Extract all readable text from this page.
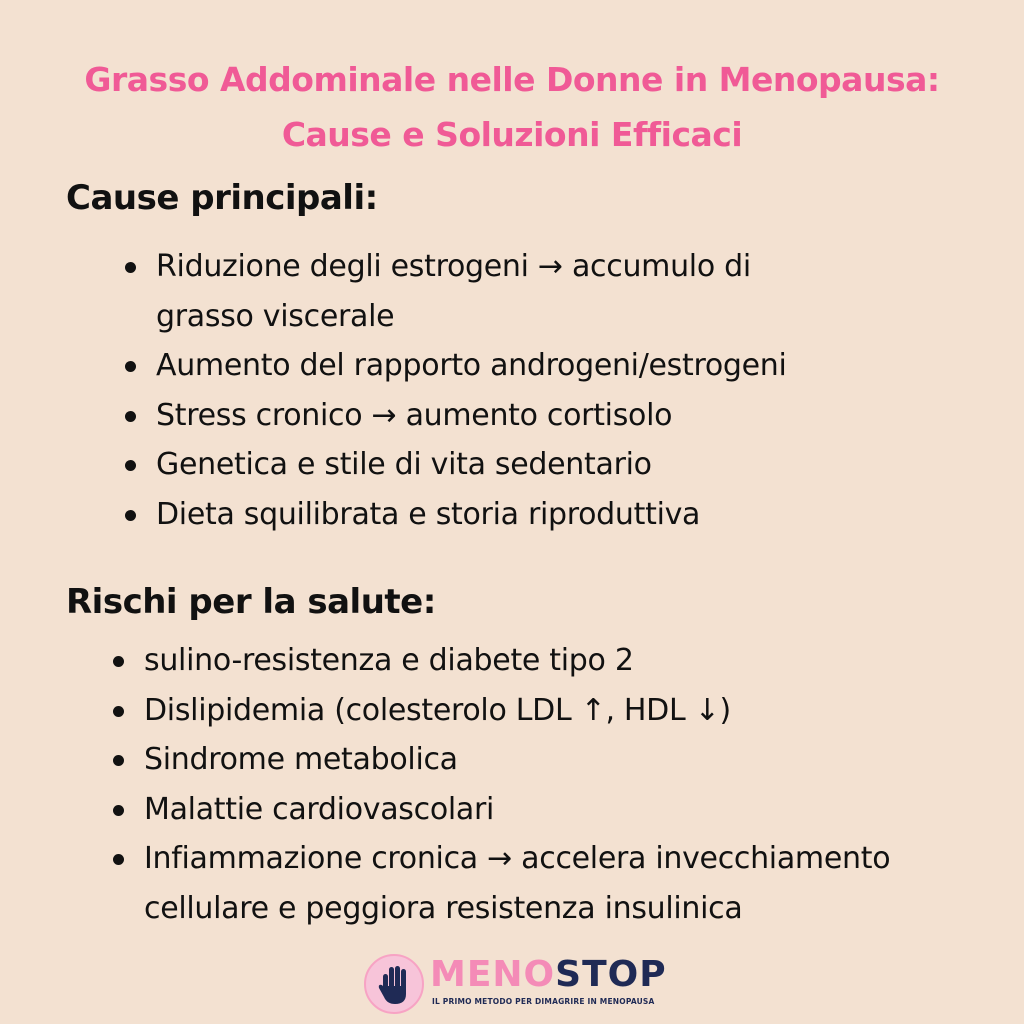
Grasso Addominale nelle Donne in Menopausa:
Cause e Soluzioni Efficaci
Cause principali:
Riduzione degli estrogeni → accumulo di
grasso viscerale
Aumento del rapporto androgeni/estrogeni
Stress cronico → aumento cortisolo
Genetica e stile di vita sedentario
Dieta squilibrata e storia riproduttiva
Rischi per la salute:
sulino-resistenza e diabete tipo 2
Dislipidemia (colesterolo LDL ↑, HDL ↓)
Sindrome metabolica
Malattie cardiovascolari
Infiammazione cronica → accelera invecchiamento
cellulare e peggiora resistenza insulinica
MENOSTOP
IL PRIMO METODO PER DIMAGRIRE IN MENOPAUSA
